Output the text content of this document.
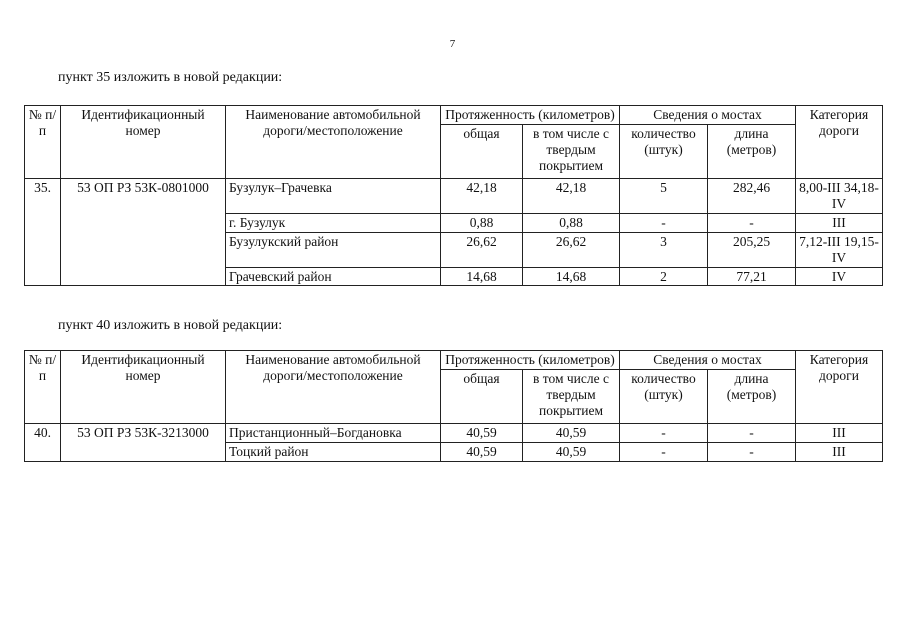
7
пункт 35 изложить в новой редакции:
№ п/п	Идентификационный номер	Наименование автомобильной дороги/местоположение	Протяженность (километров)		Сведения о мостах		Категория дороги
			общая	в том числе с твердым покрытием	количество (штук)	длина (метров)	
35.	53 ОП РЗ 53К-0801000	Бузулук–Грачевка	42,18	42,18	5	282,46	8,00-III 34,18-IV
		г. Бузулук	0,88	0,88	-	-	III
		Бузулукский район	26,62	26,62	3	205,25	7,12-III 19,15-IV
		Грачевский район	14,68	14,68	2	77,21	IV
пункт 40 изложить в новой редакции:
№ п/п	Идентификационный номер	Наименование автомобильной дороги/местоположение	Протяженность (километров)		Сведения о мостах		Категория дороги
			общая	в том числе с твердым покрытием	количество (штук)	длина (метров)	
40.	53 ОП РЗ 53К-3213000	Пристанционный–Богдановка	40,59	40,59	-	-	III
		Тоцкий район	40,59	40,59	-	-	III
